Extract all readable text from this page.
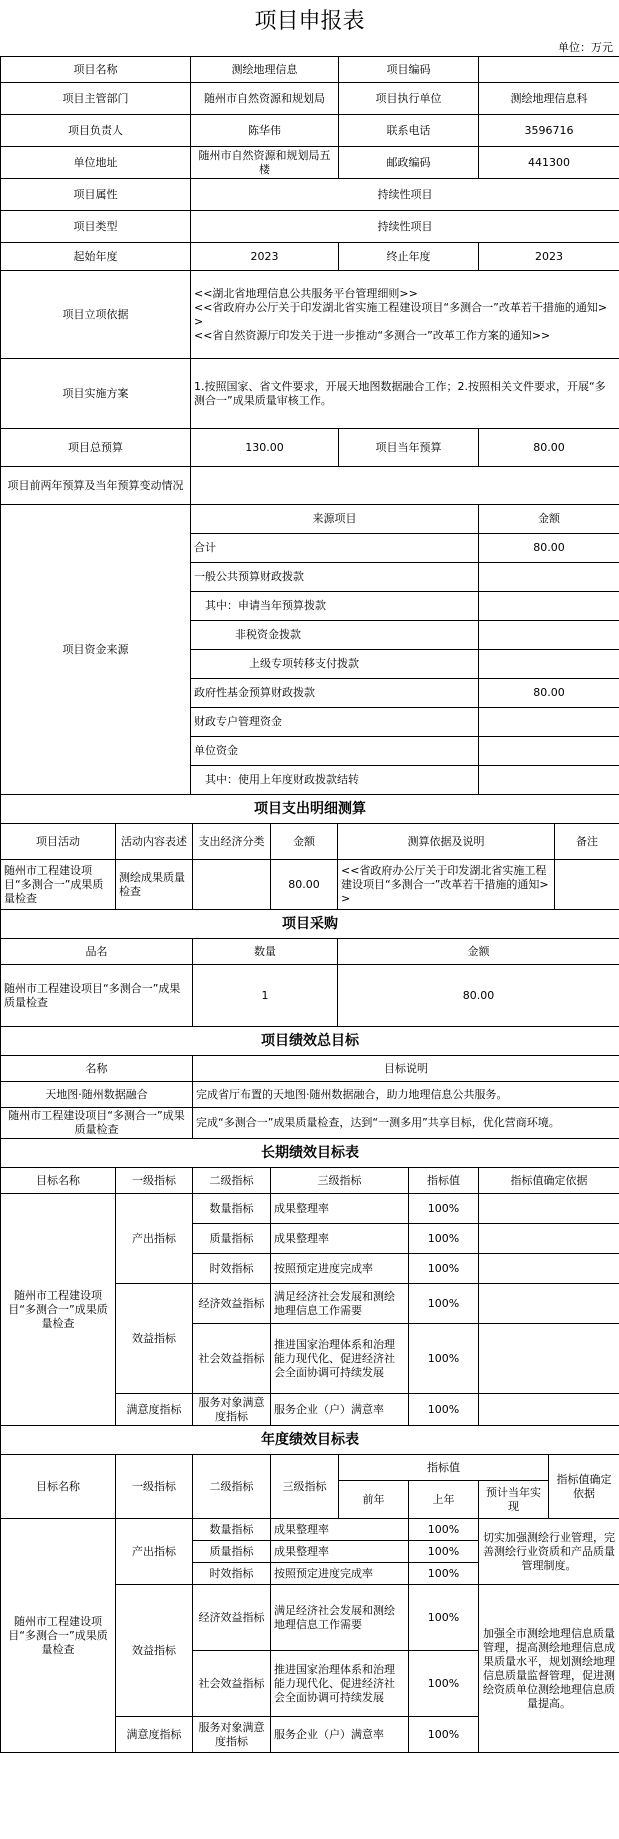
项目申报表
单位：万元
项目名称	测绘地理信息	项目编码	
项目主管部门	随州市自然资源和规划局	项目执行单位	测绘地理信息科
项目负责人	陈华伟	联系电话	3596716
单位地址	随州市自然资源和规划局五楼	邮政编码	441300
项目属性	持续性项目		
项目类型	持续性项目		
起始年度	2023	终止年度	2023
项目立项依据	<<湖北省地理信息公共服务平台管理细则>>
<<省政府办公厅关于印发湖北省实施工程建设项目“多测合一”改革若干措施的通知>>
<<省自然资源厅印发关于进一步推动“多测合一”改革工作方案的通知>>		
项目实施方案	1.按照国家、省文件要求，开展天地图数据融合工作；2.按照相关文件要求，开展“多测合一”成果质量审核工作。		
项目总预算	130.00	项目当年预算	80.00
项目前两年预算及当年预算变动情况			
项目资金来源	来源项目	金额
	合计	80.00
	一般公共预算财政拨款	
	其中：申请当年预算拨款	
	非税资金拨款	
	上级专项转移支付拨款	
	政府性基金预算财政拨款	80.00
	财政专户管理资金	
	单位资金	
	其中：使用上年度财政拨款结转	
项目支出明细测算					
项目活动	活动内容表述	支出经济分类	金额	测算依据及说明	备注
随州市工程建设项目“多测合一”成果质量检查	测绘成果质量检查		80.00	<<省政府办公厅关于印发湖北省实施工程建设项目“多测合一”改革若干措施的通知>>	
项目采购		
品名	数量	金额
随州市工程建设项目“多测合一”成果质量检查	1	80.00
项目绩效总目标	
名称	目标说明
天地图·随州数据融合	完成省厅布置的天地图·随州数据融合，助力地理信息公共服务。
随州市工程建设项目“多测合一”成果质量检查	完成“多测合一”成果质量检查，达到“一测多用”共享目标，优化营商环境。
长期绩效目标表					
目标名称	一级指标	二级指标	三级指标	指标值	指标值确定依据
随州市工程建设项目“多测合一”成果质量检查	产出指标	数量指标	成果整理率	100%	
		质量指标	成果整理率	100%	
		时效指标	按照预定进度完成率	100%	
	效益指标	经济效益指标	满足经济社会发展和测绘地理信息工作需要	100%	
		社会效益指标	推进国家治理体系和治理能力现代化、促进经济社会全面协调可持续发展	100%	
	满意度指标	服务对象满意度指标	服务企业（户）满意率	100%	
年度绩效目标表							
目标名称	一级指标	二级指标	三级指标	指标值			指标值确定依据
				前年	上年	预计当年实现	
随州市工程建设项目“多测合一”成果质量检查	产出指标	数量指标	成果整理率		100%	切实加强测绘行业管理，完善测绘行业资质和产品质量管理制度。	
		质量指标	成果整理率		100%		
		时效指标	按照预定进度完成率		100%		
	效益指标	经济效益指标	满足经济社会发展和测绘地理信息工作需要		100%	加强全市测绘地理信息质量管理，提高测绘地理信息成果质量水平，规划测绘地理信息质量监督管理，促进测绘资质单位测绘地理信息质量提高。	
		社会效益指标	推进国家治理体系和治理能力现代化、促进经济社会全面协调可持续发展		100%		
	满意度指标	服务对象满意度指标	服务企业（户）满意率		100%		
